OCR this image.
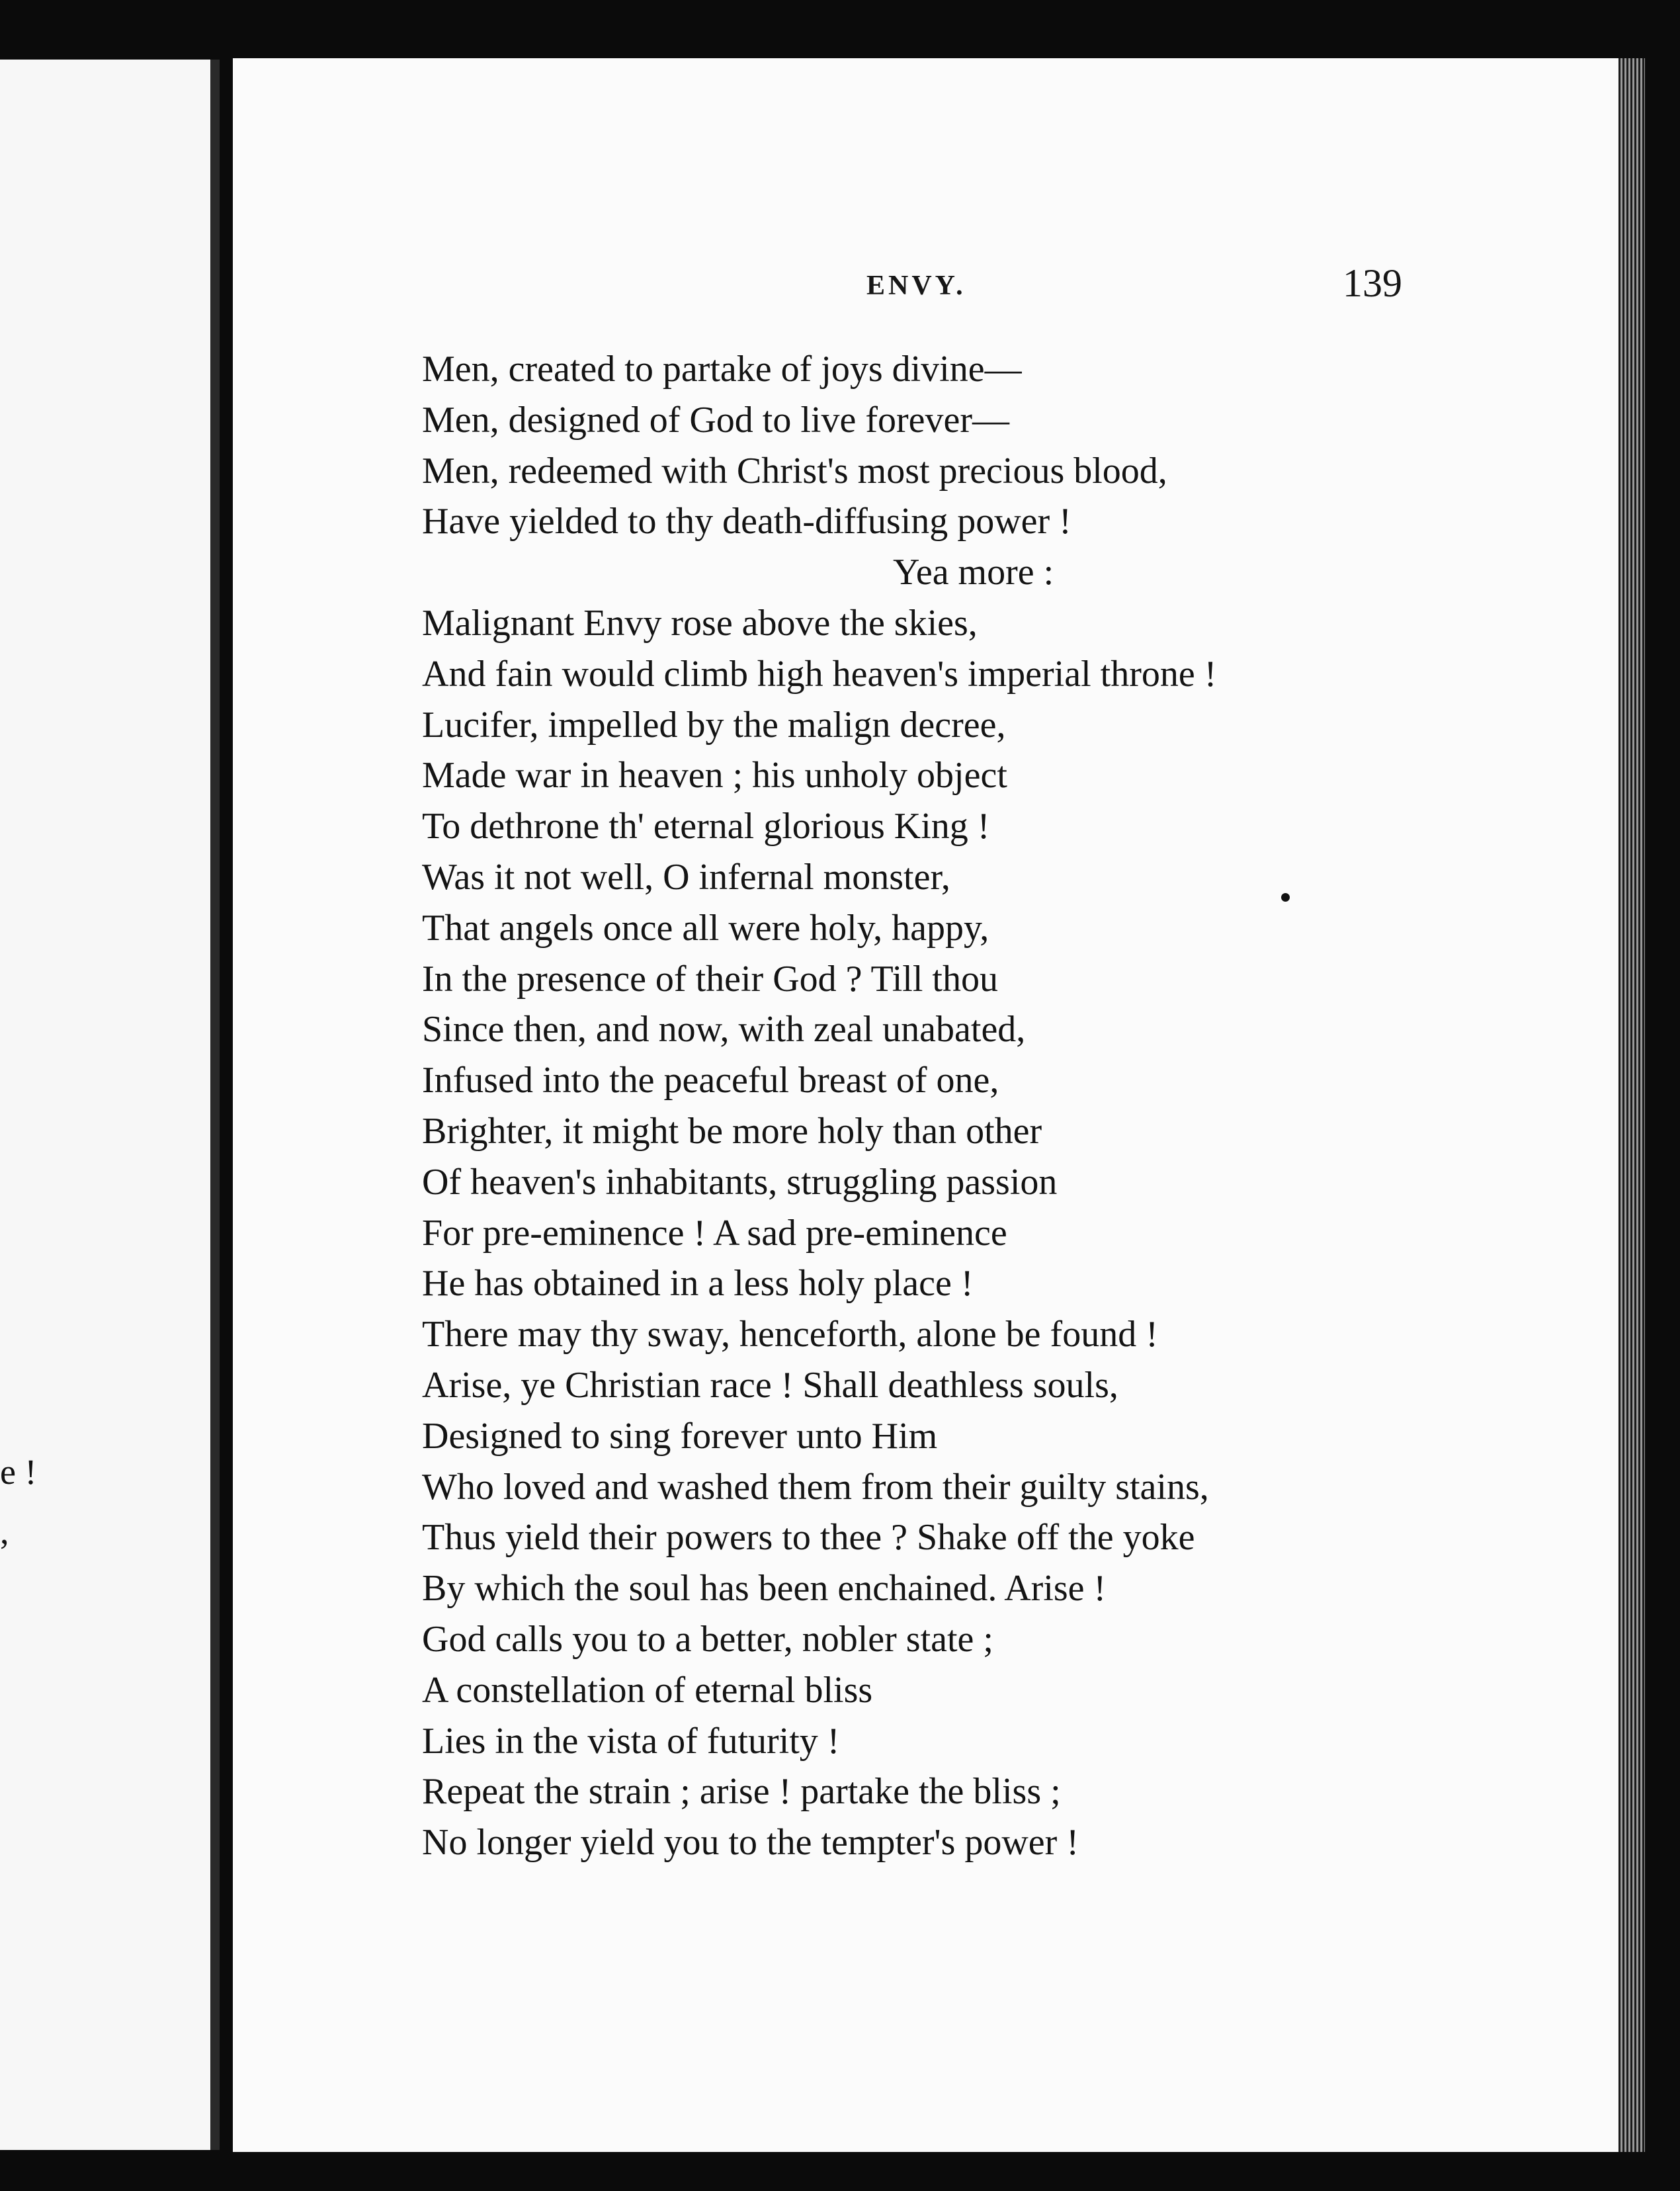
e !
,
ENVY.	139
Men, created to partake of joys divine—
Men, designed of God to live forever—
Men, redeemed with Christ's most precious blood,
Have yielded to thy death-diffusing power !
Yea more :
Malignant Envy rose above the skies,
And fain would climb high heaven's imperial throne !
Lucifer, impelled by the malign decree,
Made war in heaven ; his unholy object
To dethrone th' eternal glorious King !
Was it not well, O infernal monster,
That angels once all were holy, happy,
In the presence of their God ? Till thou
Since then, and now, with zeal unabated,
Infused into the peaceful breast of one,
Brighter, it might be more holy than other
Of heaven's inhabitants, struggling passion
For pre-eminence ! A sad pre-eminence
He has obtained in a less holy place !
There may thy sway, henceforth, alone be found !
Arise, ye Christian race ! Shall deathless souls,
Designed to sing forever unto Him
Who loved and washed them from their guilty stains,
Thus yield their powers to thee ? Shake off the yoke
By which the soul has been enchained. Arise !
God calls you to a better, nobler state ;
A constellation of eternal bliss
Lies in the vista of futurity !
Repeat the strain ; arise ! partake the bliss ;
No longer yield you to the tempter's power !
